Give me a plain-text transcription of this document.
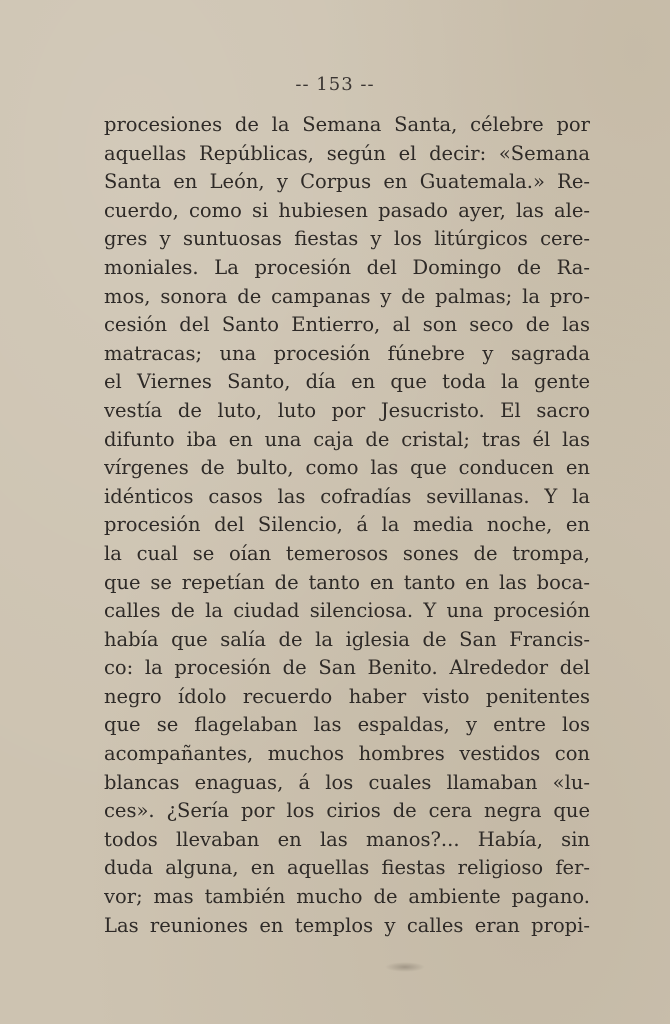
-- 153 --
procesiones de la Semana Santa, célebre por
aquellas Repúblicas, según el decir: «Semana
Santa en León, y Corpus en Guatemala.» Re-
cuerdo, como si hubiesen pasado ayer, las ale-
gres y suntuosas fiestas y los litúrgicos cere-
moniales. La procesión del Domingo de Ra-
mos, sonora de campanas y de palmas; la pro-
cesión del Santo Entierro, al son seco de las
matracas; una procesión fúnebre y sagrada
el Viernes Santo, día en que toda la gente
vestía de luto, luto por Jesucristo. El sacro
difunto iba en una caja de cristal; tras él las
vírgenes de bulto, como las que conducen en
idénticos casos las cofradías sevillanas. Y la
procesión del Silencio, á la media noche, en
la cual se oían temerosos sones de trompa,
que se repetían de tanto en tanto en las boca-
calles de la ciudad silenciosa. Y una procesión
había que salía de la iglesia de San Francis-
co: la procesión de San Benito. Alrededor del
negro ídolo recuerdo haber visto penitentes
que se flagelaban las espaldas, y entre los
acompañantes, muchos hombres vestidos con
blancas enaguas, á los cuales llamaban «lu-
ces». ¿Sería por los cirios de cera negra que
todos llevaban en las manos?... Había, sin
duda alguna, en aquellas fiestas religioso fer-
vor; mas también mucho de ambiente pagano.
Las reuniones en templos y calles eran propi-
